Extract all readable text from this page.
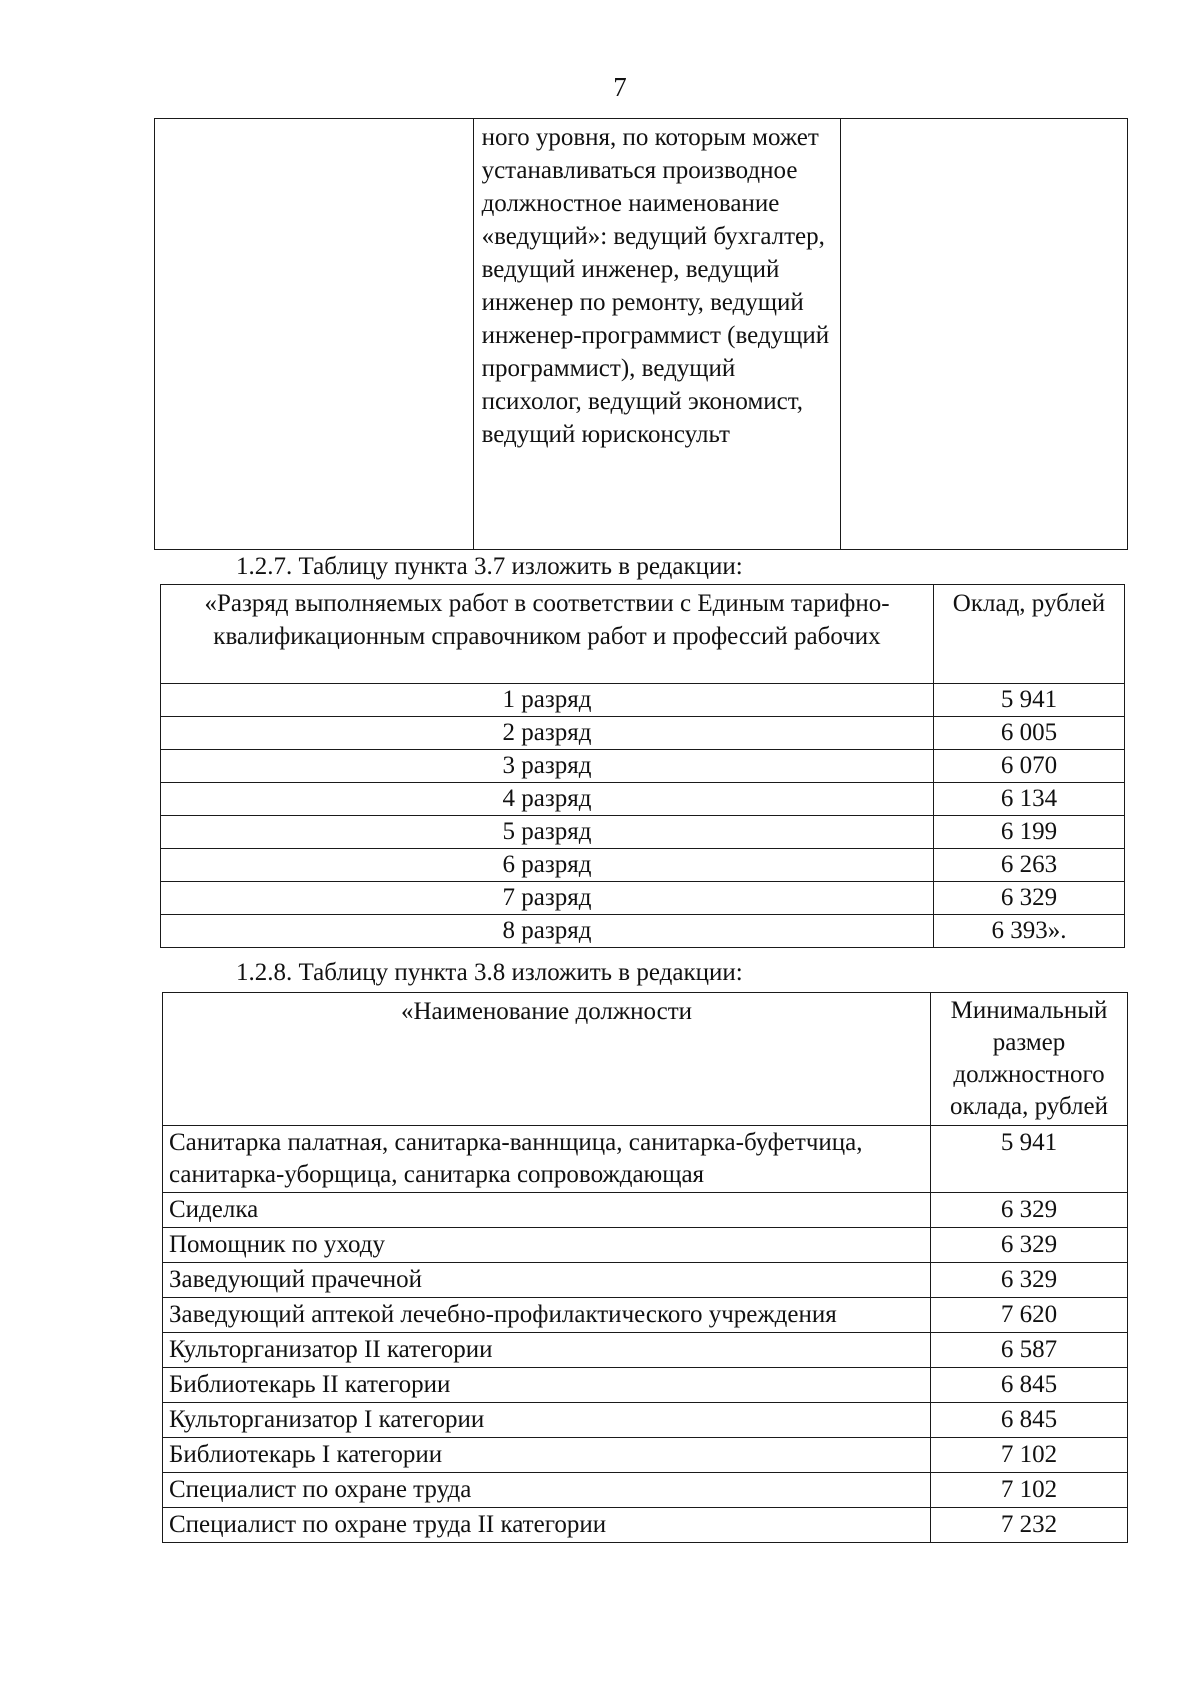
7
	ного уровня, по которым может устанавливаться производное должностное наименование «ведущий»: ведущий бухгалтер, ведущий инженер, ведущий инженер по ремонту, ведущий инженер-программист (ведущий программист), ведущий психолог, ведущий экономист, ведущий юрисконсульт	
1.2.7. Таблицу пункта 3.7 изложить в редакции:
«Разряд выполняемых работ в соответствии с Единым тарифно-квалификационным справочником работ и профессий рабочих	Оклад, рублей
1 разряд	5 941
2 разряд	6 005
3 разряд	6 070
4 разряд	6 134
5 разряд	6 199
6 разряд	6 263
7 разряд	6 329
8 разряд	6 393».
1.2.8. Таблицу пункта 3.8 изложить в редакции:
«Наименование должности	Минимальный размер должностного оклада, рублей
Санитарка палатная, санитарка-ваннщица, санитарка-буфетчица, санитарка-уборщица, санитарка сопровождающая	5 941
Сиделка	6 329
Помощник по уходу	6 329
Заведующий прачечной	6 329
Заведующий аптекой лечебно-профилактического учреждения	7 620
Культорганизатор II категории	6 587
Библиотекарь II категории	6 845
Культорганизатор I категории	6 845
Библиотекарь I категории	7 102
Специалист по охране труда	7 102
Специалист по охране труда II категории	7 232
